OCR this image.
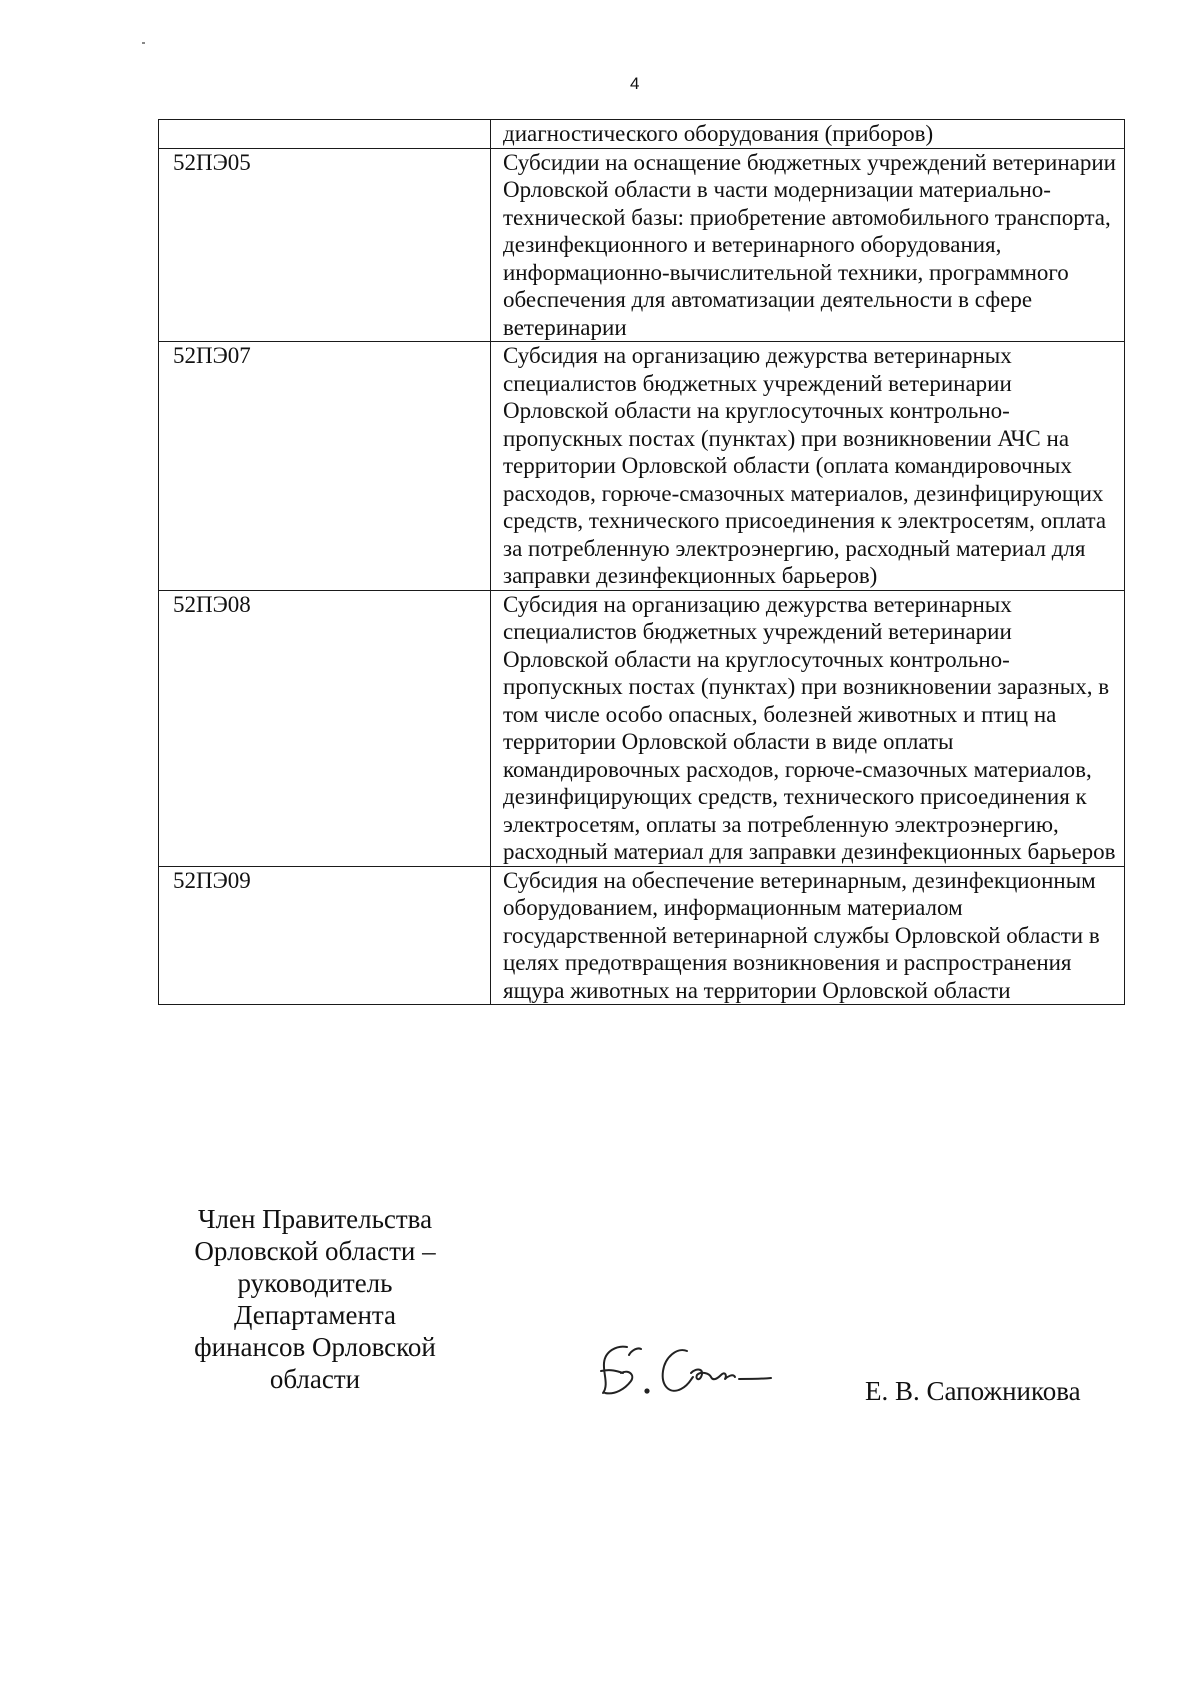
4
	диагностического оборудования (приборов)
52ПЭ05	Субсидии на оснащение бюджетных учреждений ветеринарии Орловской области в части модернизации материально-технической базы: приобретение автомобильного транспорта, дезинфекционного и ветеринарного оборудования, информационно-вычислительной техники, программного обеспечения для автоматизации деятельности в сфере ветеринарии
52ПЭ07	Субсидия на организацию дежурства ветеринарных специалистов бюджетных учреждений ветеринарии Орловской области на круглосуточных контрольно-пропускных постах (пунктах) при возникновении АЧС на территории Орловской области (оплата командировочных расходов, горюче-смазочных материалов, дезинфицирующих средств, технического присоединения к электросетям, оплата за потребленную электроэнергию, расходный материал для заправки дезинфекционных барьеров)
52ПЭ08	Субсидия на организацию дежурства ветеринарных специалистов бюджетных учреждений ветеринарии Орловской области на круглосуточных контрольно-пропускных постах (пунктах) при возникновении заразных, в том числе особо опасных, болезней животных и птиц на территории Орловской области в виде оплаты командировочных расходов, горюче-смазочных материалов, дезинфицирующих средств, технического присоединения к электросетям, оплаты за потребленную электроэнергию, расходный материал для заправки дезинфекционных барьеров
52ПЭ09	Субсидия на обеспечение ветеринарным, дезинфекционным оборудованием, информационным материалом государственной ветеринарной службы Орловской области в целях предотвращения возникновения и распространения ящура животных на территории Орловской области
Член Правительства
Орловской области –
руководитель
Департамента
финансов Орловской
области	Е. В. Сапожникова
